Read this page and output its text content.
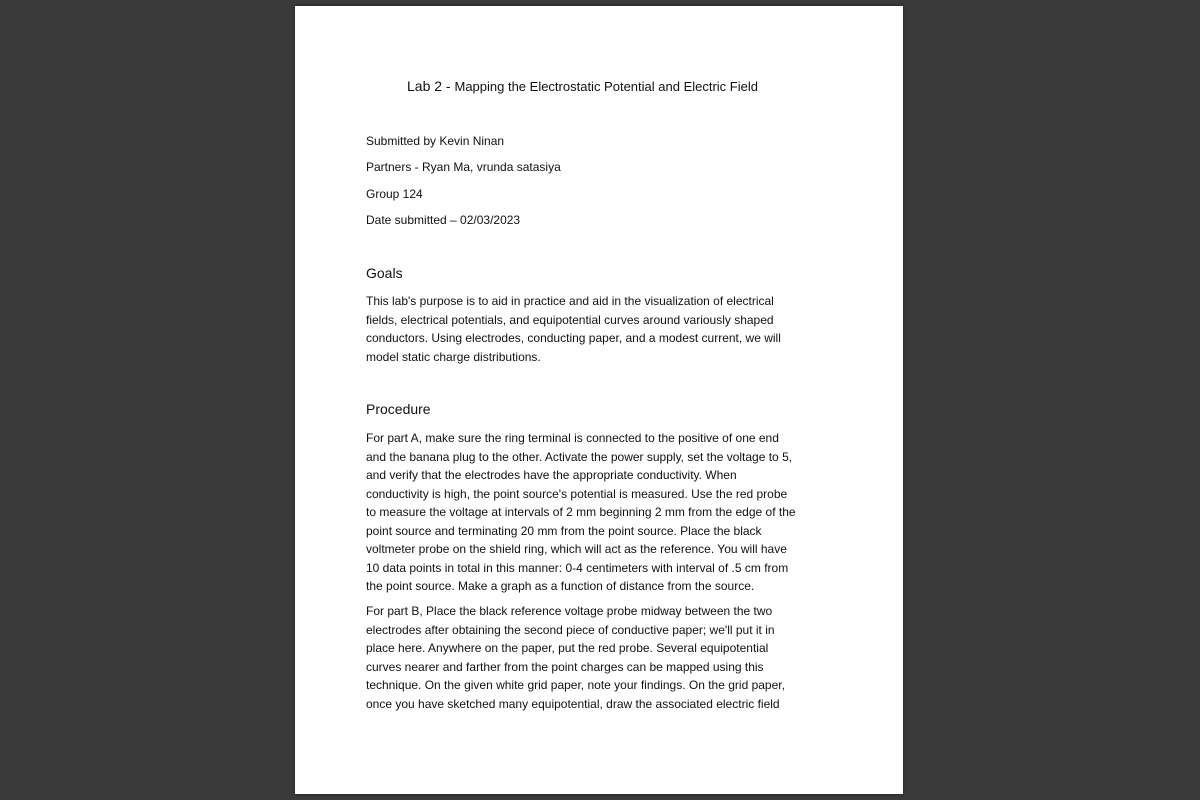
Lab 2 - Mapping the Electrostatic Potential and Electric Field
Submitted by Kevin Ninan
Partners - Ryan Ma, vrunda satasiya
Group 124
Date submitted – 02/03/2023
Goals
This lab's purpose is to aid in practice and aid in the visualization of electrical
fields, electrical potentials, and equipotential curves around variously shaped
conductors. Using electrodes, conducting paper, and a modest current, we will
model static charge distributions.
Procedure
For part A, make sure the ring terminal is connected to the positive of one end
and the banana plug to the other. Activate the power supply, set the voltage to 5,
and verify that the electrodes have the appropriate conductivity. When
conductivity is high, the point source's potential is measured. Use the red probe
to measure the voltage at intervals of 2 mm beginning 2 mm from the edge of the
point source and terminating 20 mm from the point source. Place the black
voltmeter probe on the shield ring, which will act as the reference. You will have
10 data points in total in this manner: 0-4 centimeters with interval of .5 cm from
the point source. Make a graph as a function of distance from the source.
For part B, Place the black reference voltage probe midway between the two
electrodes after obtaining the second piece of conductive paper; we'll put it in
place here. Anywhere on the paper, put the red probe. Several equipotential
curves nearer and farther from the point charges can be mapped using this
technique. On the given white grid paper, note your findings. On the grid paper,
once you have sketched many equipotential, draw the associated electric field
